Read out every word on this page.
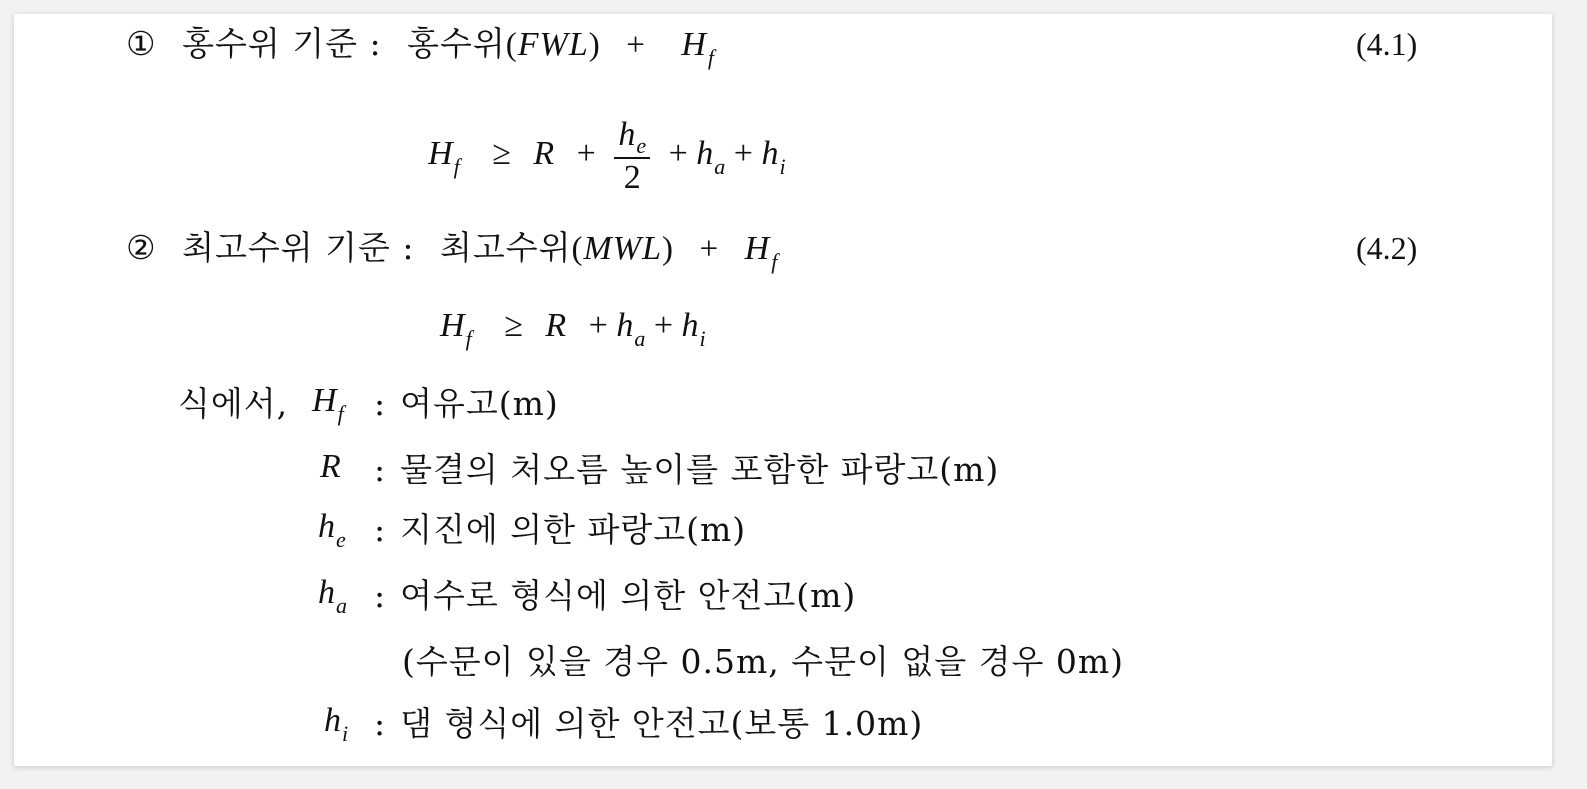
① 홍수위 기준 : 홍수위$(FWL) + H_f$	(4.1)
$H_f \ge R + \frac{h_e}{2} + h_a + h_i$
② 최고수위 기준 : 최고수위$(MWL) + H_f$	(4.2)
$H_f \ge R + h_a + h_i$
식에서, $H_f$ : 여유고(m)
R : 물결의 처오름 높이를 포함한 파랑고(m)
$h_e$ : 지진에 의한 파랑고(m)
$h_a$ : 여수로 형식에 의한 안전고(m)
(수문이 있을 경우 0.5m, 수문이 없을 경우 0m)
$h_i$ : 댐 형식에 의한 안전고(보통 1.0m)
